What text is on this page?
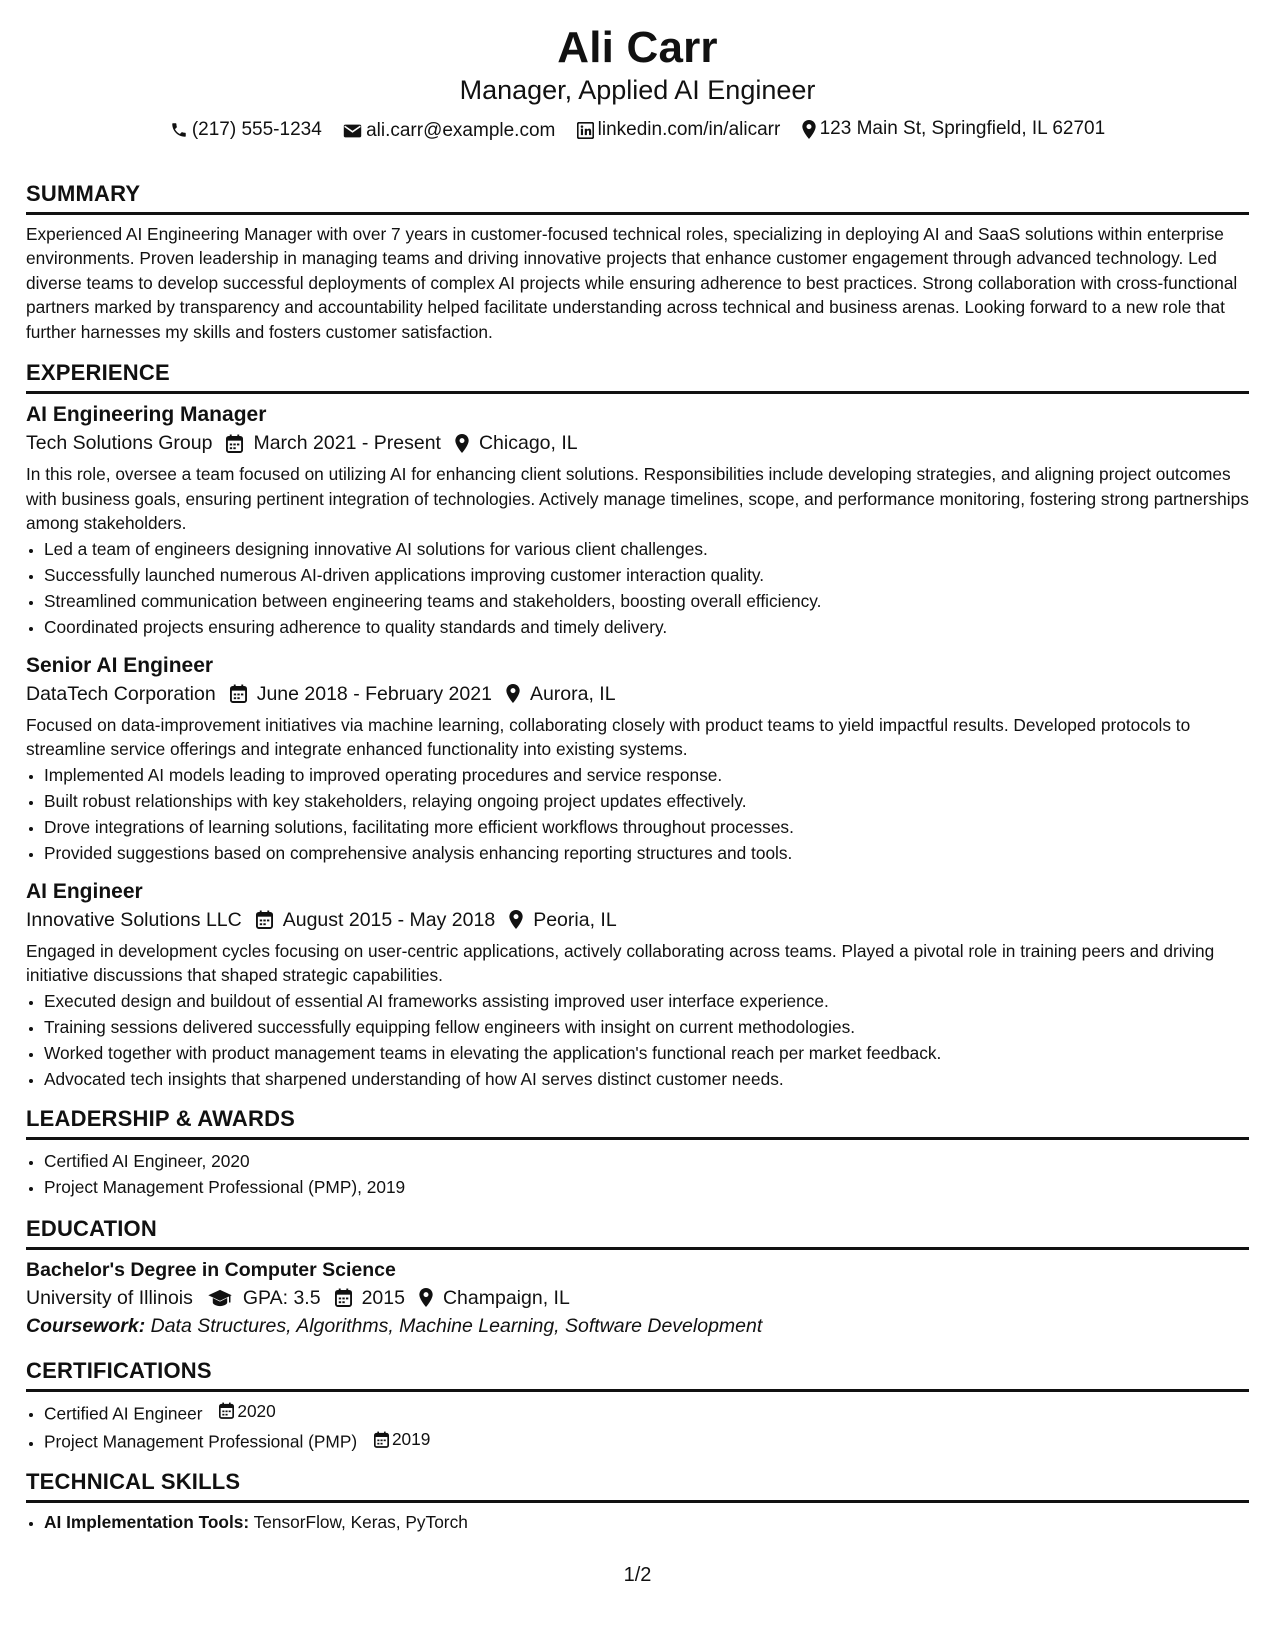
Ali Carr
Manager, Applied AI Engineer
(217) 555-1234
ali.carr@example.com
linkedin.com/in/alicarr
123 Main St, Springfield, IL 62701
SUMMARY
Experienced AI Engineering Manager with over 7 years in customer-focused technical roles, specializing in deploying AI and SaaS solutions within enterprise environments. Proven leadership in managing teams and driving innovative projects that enhance customer engagement through advanced technology. Led diverse teams to develop successful deployments of complex AI projects while ensuring adherence to best practices. Strong collaboration with cross-functional partners marked by transparency and accountability helped facilitate understanding across technical and business arenas. Looking forward to a new role that further harnesses my skills and fosters customer satisfaction.
EXPERIENCE
AI Engineering Manager
Tech Solutions Group March 2021 - Present Chicago, IL
In this role, oversee a team focused on utilizing AI for enhancing client solutions. Responsibilities include developing strategies, and aligning project outcomes with business goals, ensuring pertinent integration of technologies. Actively manage timelines, scope, and performance monitoring, fostering strong partnerships among stakeholders.
• Led a team of engineers designing innovative AI solutions for various client challenges.
• Successfully launched numerous AI-driven applications improving customer interaction quality.
• Streamlined communication between engineering teams and stakeholders, boosting overall efficiency.
• Coordinated projects ensuring adherence to quality standards and timely delivery.
Senior AI Engineer
DataTech Corporation June 2018 - February 2021 Aurora, IL
Focused on data-improvement initiatives via machine learning, collaborating closely with product teams to yield impactful results. Developed protocols to streamline service offerings and integrate enhanced functionality into existing systems.
• Implemented AI models leading to improved operating procedures and service response.
• Built robust relationships with key stakeholders, relaying ongoing project updates effectively.
• Drove integrations of learning solutions, facilitating more efficient workflows throughout processes.
• Provided suggestions based on comprehensive analysis enhancing reporting structures and tools.
AI Engineer
Innovative Solutions LLC August 2015 - May 2018 Peoria, IL
Engaged in development cycles focusing on user-centric applications, actively collaborating across teams. Played a pivotal role in training peers and driving initiative discussions that shaped strategic capabilities.
• Executed design and buildout of essential AI frameworks assisting improved user interface experience.
• Training sessions delivered successfully equipping fellow engineers with insight on current methodologies.
• Worked together with product management teams in elevating the application's functional reach per market feedback.
• Advocated tech insights that sharpened understanding of how AI serves distinct customer needs.
LEADERSHIP & AWARDS
• Certified AI Engineer, 2020
• Project Management Professional (PMP), 2019
EDUCATION
Bachelor's Degree in Computer Science
University of Illinois	GPA: 3.5 2015 Champaign, IL
Coursework: Data Structures, Algorithms, Machine Learning, Software Development
CERTIFICATIONS
• Certified AI Engineer 2020
• Project Management Professional (PMP) 2019
TECHNICAL SKILLS
• AI Implementation Tools: TensorFlow, Keras, PyTorch
1/2
